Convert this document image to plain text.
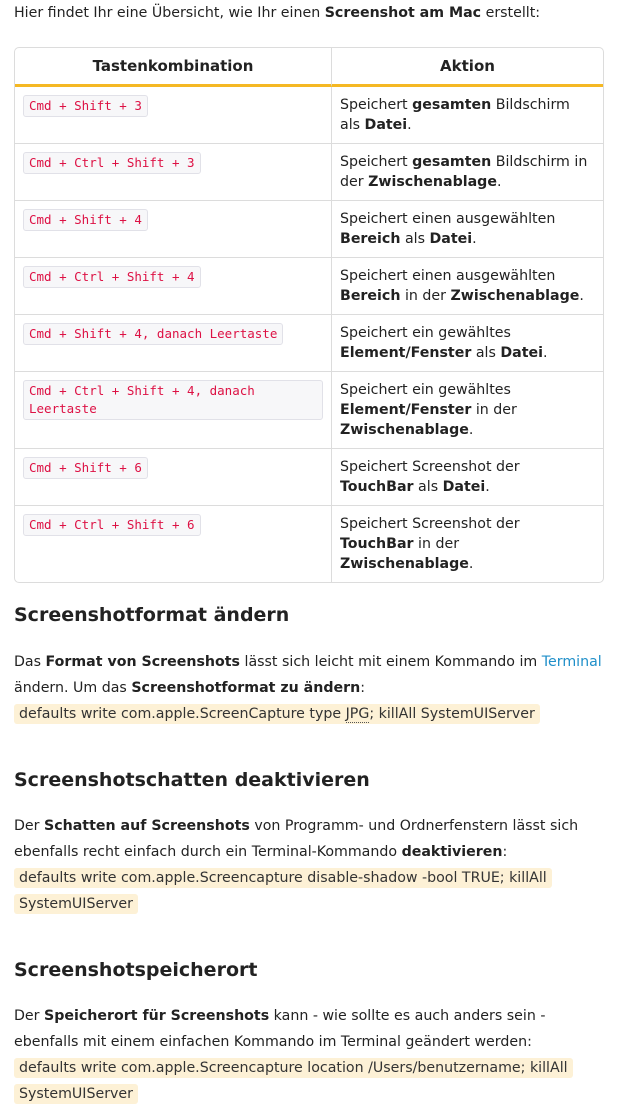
Hier findet Ihr eine Übersicht, wie Ihr einen Screenshot am Mac erstellt:

Tastenkombination	Aktion
Cmd + Shift + 3	Speichert gesamten Bildschirm als Datei.
Cmd + Ctrl + Shift + 3	Speichert gesamten Bildschirm in der Zwischenablage.
Cmd + Shift + 4	Speichert einen ausgewählten Bereich als Datei.
Cmd + Ctrl + Shift + 4	Speichert einen ausgewählten Bereich in der Zwischenablage.
Cmd + Shift + 4, danach Leertaste	Speichert ein gewähltes Element/Fenster als Datei.
Cmd + Ctrl + Shift + 4, danach Leertaste	Speichert ein gewähltes Element/Fenster in der Zwischenablage.
Cmd + Shift + 6	Speichert Screenshot der TouchBar als Datei.
Cmd + Ctrl + Shift + 6	Speichert Screenshot der TouchBar in der Zwischenablage.
Screenshotformat ändern

Das Format von Screenshots lässt sich leicht mit einem Kommando im Terminal ändern. Um das Screenshotformat zu ändern:
defaults write com.apple.ScreenCapture type JPG; killAll SystemUIServer

Screenshotschatten deaktivieren

Der Schatten auf Screenshots von Programm- und Ordnerfenstern lässt sich ebenfalls recht einfach durch ein Terminal-Kommando deaktivieren:
defaults write com.apple.Screencapture disable-shadow -bool TRUE; killAll SystemUIServer

Screenshotspeicherort

Der Speicherort für Screenshots kann - wie sollte es auch anders sein - ebenfalls mit einem einfachen Kommando im Terminal geändert werden:
defaults write com.apple.Screencapture location /Users/benutzername; killAll SystemUIServer
